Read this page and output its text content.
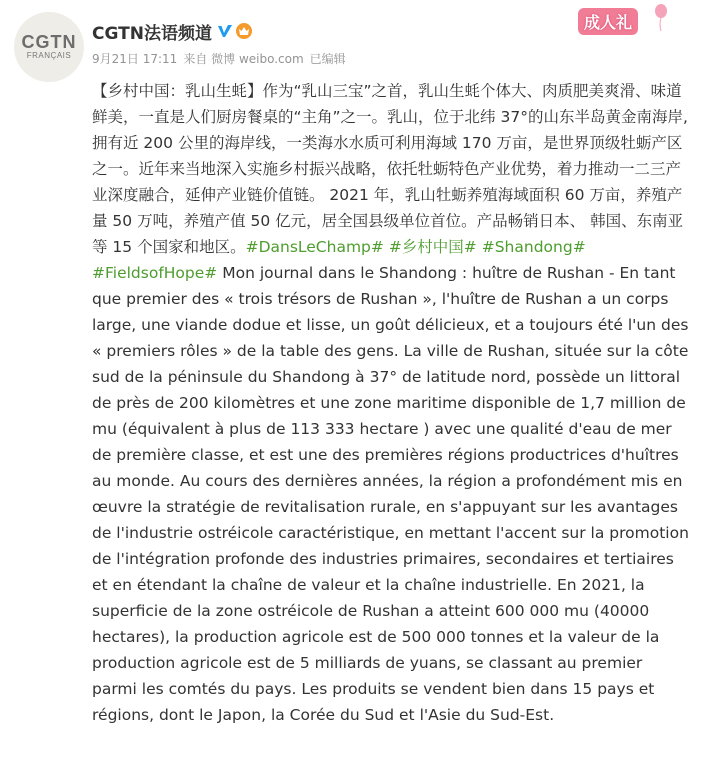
CGTN
FRANÇAIS
CGTN法语频道
9月21日 17:11 来自 微博 weibo.com 已编辑
成人礼

【乡村中国：乳山生蚝】作为“乳山三宝”之首，乳山生蚝个体大、肉质肥美爽滑、味道鲜美，一直是人们厨房餐桌的“主角”之一。乳山，位于北纬 37°的山东半岛黄金南海岸,拥有近 200 公里的海岸线，一类海水水质可利用海域 170 万亩，是世界顶级牡蛎产区之一。近年来当地深入实施乡村振兴战略，依托牡蛎特色产业优势，着力推动一二三产业深度融合，延伸产业链价值链。 2021 年，乳山牡蛎养殖海域面积 60 万亩，养殖产量 50 万吨，养殖产值 50 亿元，居全国县级单位首位。产品畅销日本、 韩国、东南亚等 15 个国家和地区。#DansLeChamp# #乡村中国# #Shandong# #FieldsofHope# Mon journal dans le Shandong : huître de Rushan - En tant que premier des « trois trésors de Rushan », l'huître de Rushan a un corps large, une viande dodue et lisse, un goût délicieux, et a toujours été l'un des « premiers rôles » de la table des gens. La ville de Rushan, située sur la côte sud de la péninsule du Shandong à 37° de latitude nord, possède un littoral de près de 200 kilomètres et une zone maritime disponible de 1,7 million de mu (équivalent à plus de 113 333 hectare ) avec une qualité d'eau de mer de première classe, et est une des premières régions productrices d'huîtres au monde. Au cours des dernières années, la région a profondément mis en œuvre la stratégie de revitalisation rurale, en s'appuyant sur les avantages de l'industrie ostréicole caractéristique, en mettant l'accent sur la promotion de l'intégration profonde des industries primaires, secondaires et tertiaires et en étendant la chaîne de valeur et la chaîne industrielle. En 2021, la superficie de la zone ostréicole de Rushan a atteint 600 000 mu (40000 hectares), la production agricole est de 500 000 tonnes et la valeur de la production agricole est de 5 milliards de yuans, se classant au premier parmi les comtés du pays. Les produits se vendent bien dans 15 pays et régions, dont le Japon, la Corée du Sud et l'Asie du Sud-Est.
